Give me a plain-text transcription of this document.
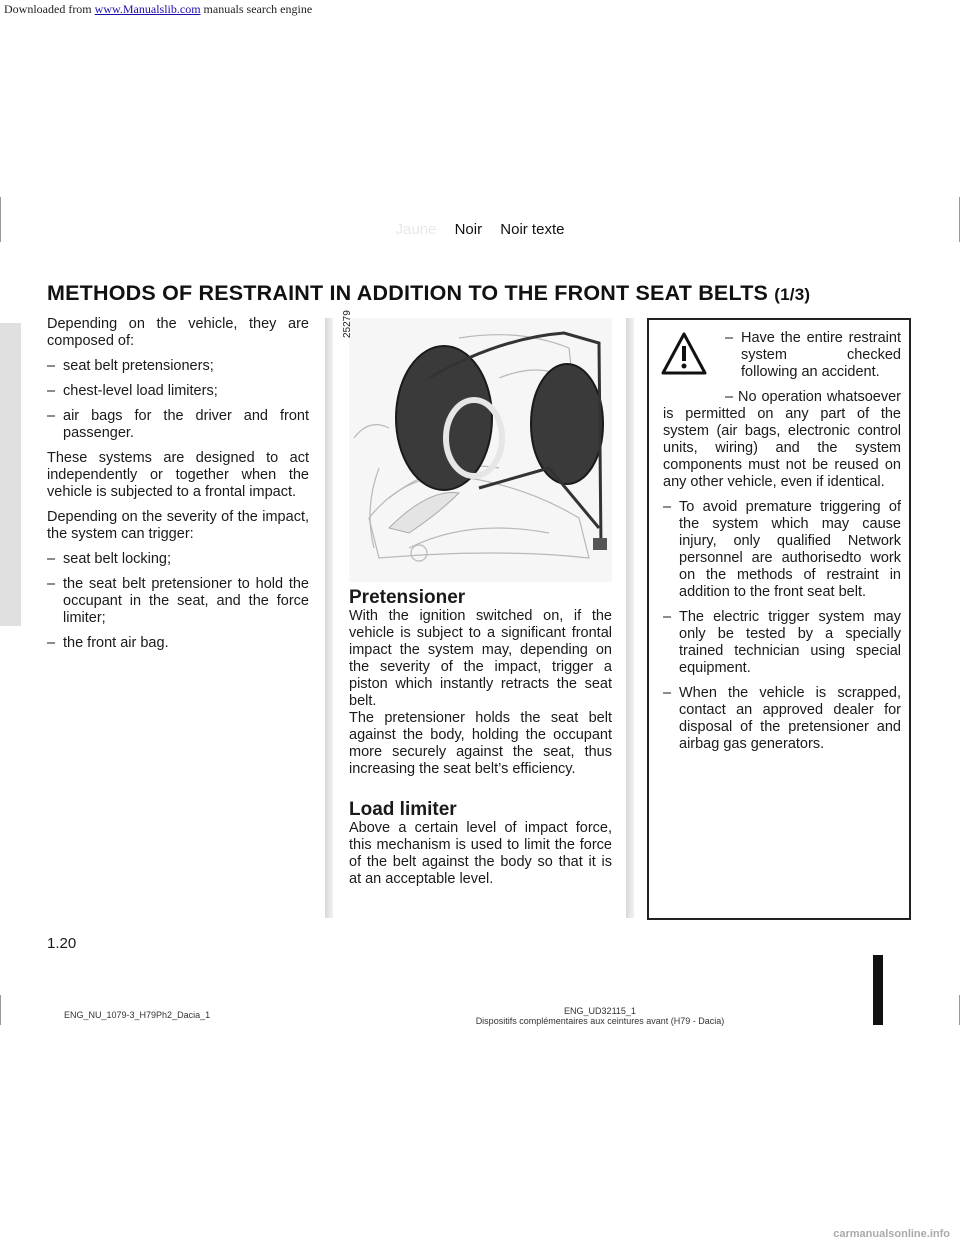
Downloaded from www.Manualslib.com manuals search engine
Jaune Noir Noir texte
METHODS OF RESTRAINT IN ADDITION TO THE FRONT SEAT BELTS (1/3)

Depending on the vehicle, they are composed of:

– seat belt pretensioners;
– chest-level load limiters;
– air bags for the driver and front passenger.

These systems are designed to act independently or together when the vehicle is subjected to a frontal impact.

Depending on the severity of the impact, the system can trigger:

– seat belt locking;
– the seat belt pretensioner to hold the occupant in the seat, and the force limiter;
– the front air bag.
25279
Pretensioner

With the ignition switched on, if the vehicle is subject to a significant frontal impact the system may, depending on the severity of the impact, trigger a piston which instantly retracts the seat belt.

The pretensioner holds the seat belt against the body, holding the occupant more securely against the seat, thus increasing the seat belt’s efficiency.

Load limiter

Above a certain level of impact force, this mechanism is used to limit the force of the belt against the body so that it is at an acceptable level.

– Have the entire restraint system checked following an accident.

– No operation whatsoever is permitted on any part of the system (air bags, electronic control units, wiring) and the system components must not be reused on any other vehicle, even if identical.

– To avoid premature triggering of the system which may cause injury, only qualified Network personnel are authorisedto work on the methods of restraint in addition to the front seat belt.
– The electric trigger system may only be tested by a specially trained technician using special equipment.
– When the vehicle is scrapped, contact an approved dealer for disposal of the pretensioner and airbag gas generators.
1.20
ENG_NU_1079-3_H79Ph2_Dacia_1	ENG_UD32115_1
Dispositifs complémentaires aux ceintures avant (H79 - Dacia)
carmanualsonline.info
